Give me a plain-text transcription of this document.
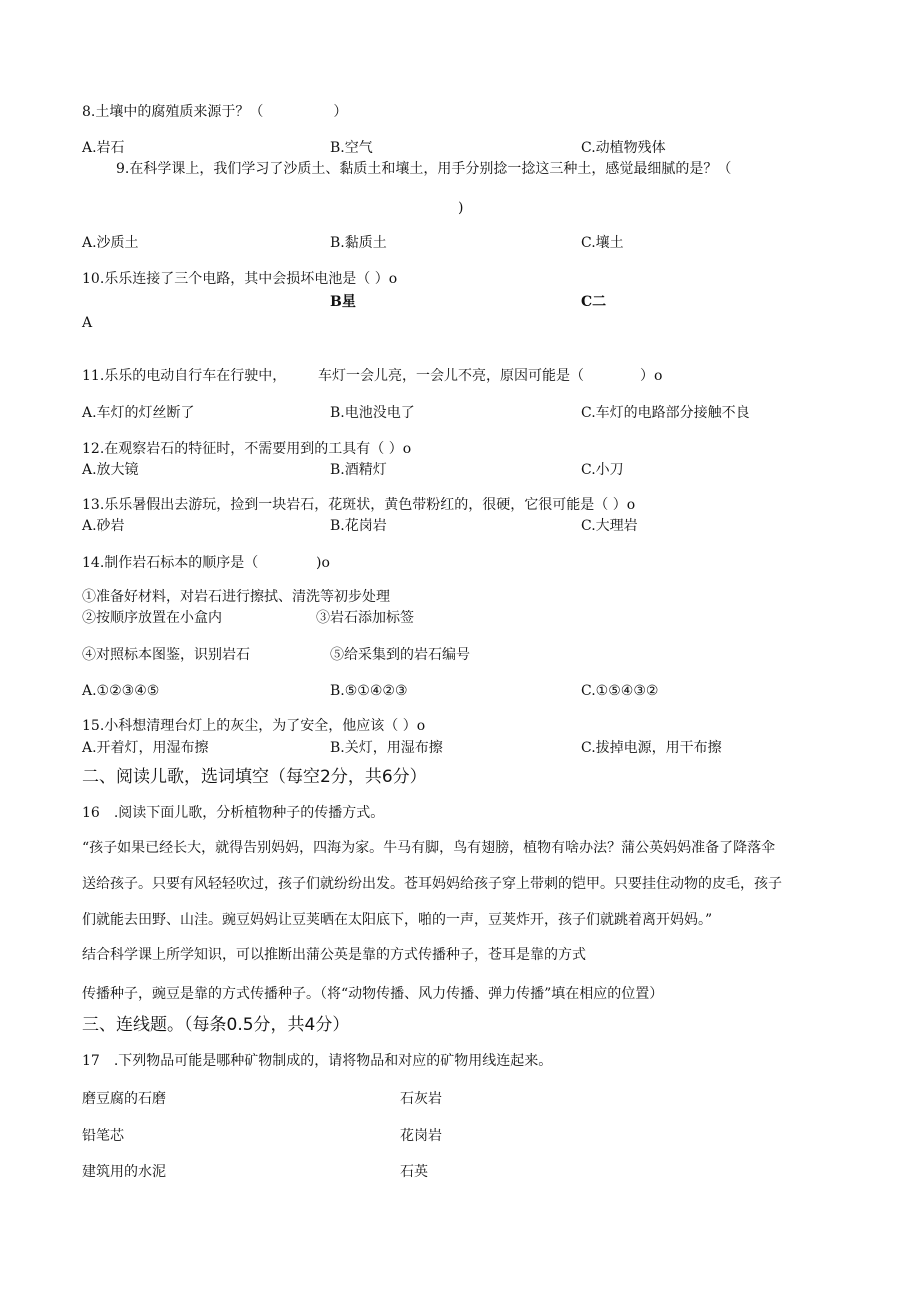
8.土壤中的腐殖质来源于？（　　　　　）
A.岩石	B.空气	C.动植物残体
9.在科学课上，我们学习了沙质土、黏质土和壤土，用手分别捻一捻这三种土，感觉最细腻的是？（
)
A.沙质土	B.黏质土	C.壤土
10.乐乐连接了三个电路，其中会损坏电池是（ ）o
B星	C二
A
11.乐乐的电动自行车在行驶中， 车灯一会儿亮，一会儿不亮，原因可能是（　　　　）o
A.车灯的灯丝断了	B.电池没电了	C.车灯的电路部分接触不良
12.在观察岩石的特征时，不需要用到的工具有（ ）o
A.放大镜	B.酒精灯	C.小刀
13.乐乐暑假出去游玩，捡到一块岩石，花斑状，黄色带粉红的，很硬，它很可能是（ ）o
A.砂岩	B.花岗岩	C.大理岩
14.制作岩石标本的顺序是（	)o
①准备好材料，对岩石进行擦拭、清洗等初步处理
②按顺序放置在小盒内	③岩石添加标签
④对照标本图鉴，识别岩石	⑤给采集到的岩石编号
A.①②③④⑤	B.⑤①④②③	C.①⑤④③②
15.小科想清理台灯上的灰尘，为了安全，他应该（ ）o
A.开着灯，用湿布擦	B.关灯，用湿布擦	C.拔掉电源，用干布擦
二、阅读儿歌，选词填空（每空2分，共6分）
16　.阅读下面儿歌，分析植物种子的传播方式。
“孩子如果已经长大，就得告别妈妈，四海为家。牛马有脚，鸟有翅膀，植物有啥办法？蒲公英妈妈准备了降落伞
送给孩子。只要有风轻轻吹过，孩子们就纷纷出发。苍耳妈妈给孩子穿上带刺的铠甲。只要挂住动物的皮毛，孩子
们就能去田野、山洼。豌豆妈妈让豆荚晒在太阳底下，啪的一声，豆荚炸开，孩子们就跳着离开妈妈。”
结合科学课上所学知识，可以推断出蒲公英是靠的方式传播种子，苍耳是靠的方式
传播种子，豌豆是靠的方式传播种子。（将“动物传播、风力传播、弹力传播”填在相应的位置）
三、连线题。（每条0.5分，共4分）
17　.下列物品可能是哪种矿物制成的，请将物品和对应的矿物用线连起来。
磨豆腐的石磨	石灰岩
铅笔芯	花岗岩
建筑用的水泥	石英
